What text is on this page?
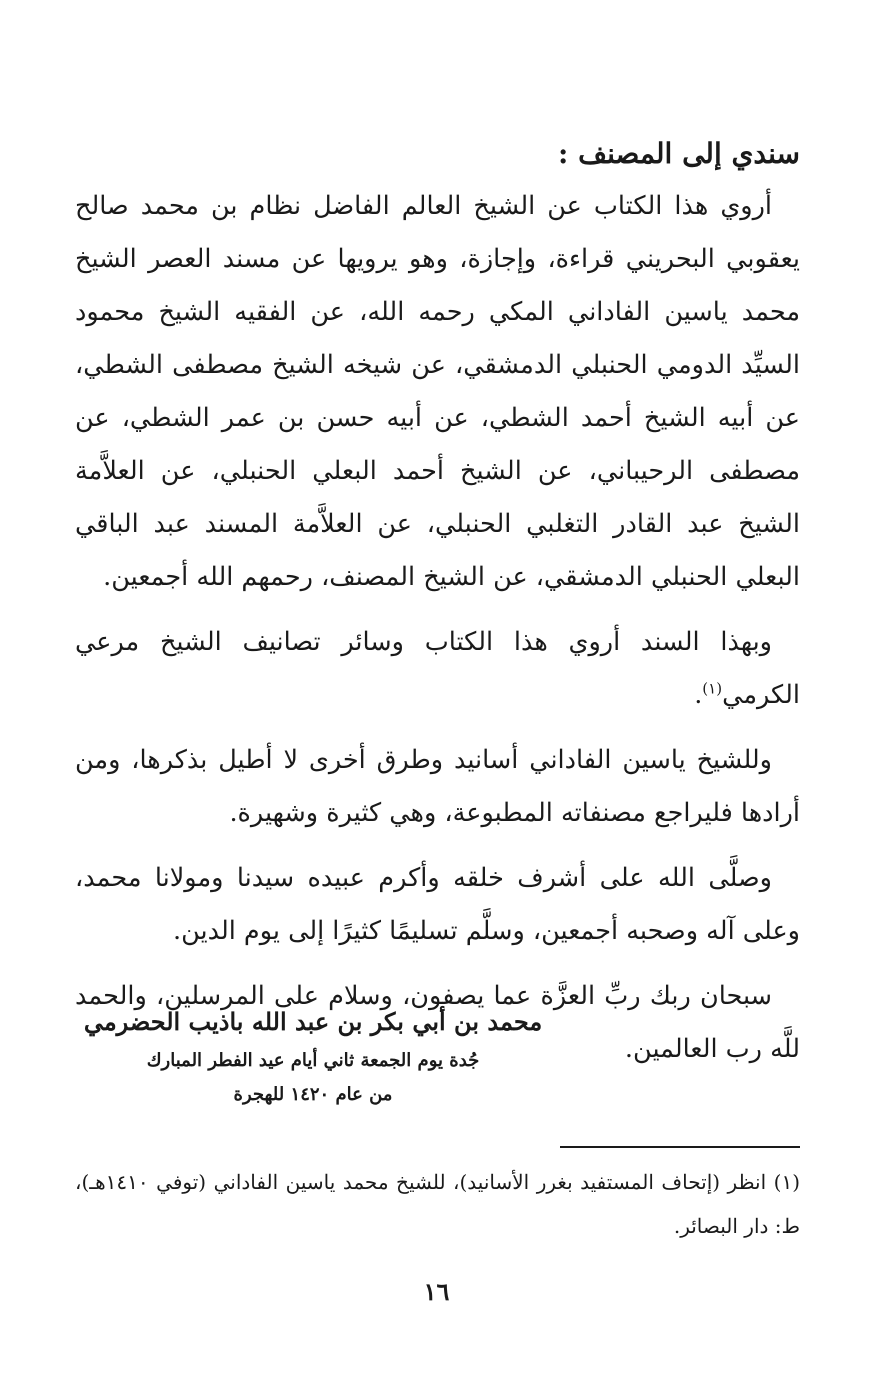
سندي إلى المصنف :

أروي هذا الكتاب عن الشيخ العالم الفاضل نظام بن محمد صالح يعقوبي البحريني قراءة، وإجازة، وهو يرويها عن مسند العصر الشيخ محمد ياسين الفاداني المكي رحمه الله، عن الفقيه الشيخ محمود السيِّد الدومي الحنبلي الدمشقي، عن شيخه الشيخ مصطفى الشطي، عن أبيه الشيخ أحمد الشطي، عن أبيه حسن بن عمر الشطي، عن مصطفى الرحيباني، عن الشيخ أحمد البعلي الحنبلي، عن العلاَّمة الشيخ عبد القادر التغلبي الحنبلي، عن العلاَّمة المسند عبد الباقي البعلي الحنبلي الدمشقي، عن الشيخ المصنف، رحمهم الله أجمعين.

وبهذا السند أروي هذا الكتاب وسائر تصانيف الشيخ مرعي الكرمي$^{(١)}$.

وللشيخ ياسين الفاداني أسانيد وطرق أخرى لا أطيل بذكرها، ومن أرادها فليراجع مصنفاته المطبوعة، وهي كثيرة وشهيرة.

وصلَّى الله على أشرف خلقه وأكرم عبيده سيدنا ومولانا محمد، وعلى آله وصحبه أجمعين، وسلَّم تسليمًا كثيرًا إلى يوم الدين.

سبحان ربك ربِّ العزَّة عما يصفون، وسلام على المرسلين، والحمد للَّه رب العالمين.

محمد بن أبي بكر بن عبد الله باذيب الحضرمي
جُدة يوم الجمعة ثاني أيام عيد الفطر المبارك
من عام ١٤٢٠ للهجرة
(١) انظر (إتحاف المستفيد بغرر الأسانيد)، للشيخ محمد ياسين الفاداني (توفي ١٤١٠هـ)، ط: دار البصائر.
١٦
